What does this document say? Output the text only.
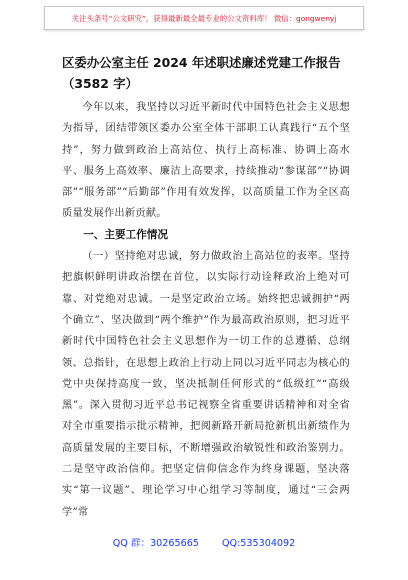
关注头条号“公文研究”，获得最新最全最专业的公文资料库！ 微信：gongwenyj
区委办公室主任 2024 年述职述廉述党建工作报告（3582 字）

今年以来，我坚持以习近平新时代中国特色社会主义思想为指导，团结带领区委办公室全体干部职工认真践行“五个坚持”，努力做到政治上高站位、执行上高标准、协调上高水平、服务上高效率、廉洁上高要求，持续推动“参谋部”“协调部”“服务部”“后勤部”作用有效发挥，以高质量工作为全区高质量发展作出新贡献。

一、主要工作情况

（一）坚持绝对忠诚，努力做政治上高站位的表率。坚持把旗帜鲜明讲政治摆在首位，以实际行动诠释政治上绝对可靠、对党绝对忠诚。一是坚定政治立场。始终把忠诚拥护“两个确立”、坚决做到“两个维护”作为最高政治原则，把习近平新时代中国特色社会主义思想作为一切工作的总遵循、总纲领、总指针，在思想上政治上行动上同以习近平同志为核心的党中央保持高度一致，坚决抵制任何形式的“低级红”“高级黑”。深入贯彻习近平总书记视察全省重要讲话精神和对全省对全市重要指示批示精神，把阅新路开新局抢新机出新绩作为高质量发展的主要目标，不断增强政治敏锐性和政治鉴别力。二是坚守政治信仰。把坚定信仰信念作为终身课题，坚决落实“第一议题”、理论学习中心组学习等制度，通过“三会两学”常

QQ 群：30265665 QQ:535304092
